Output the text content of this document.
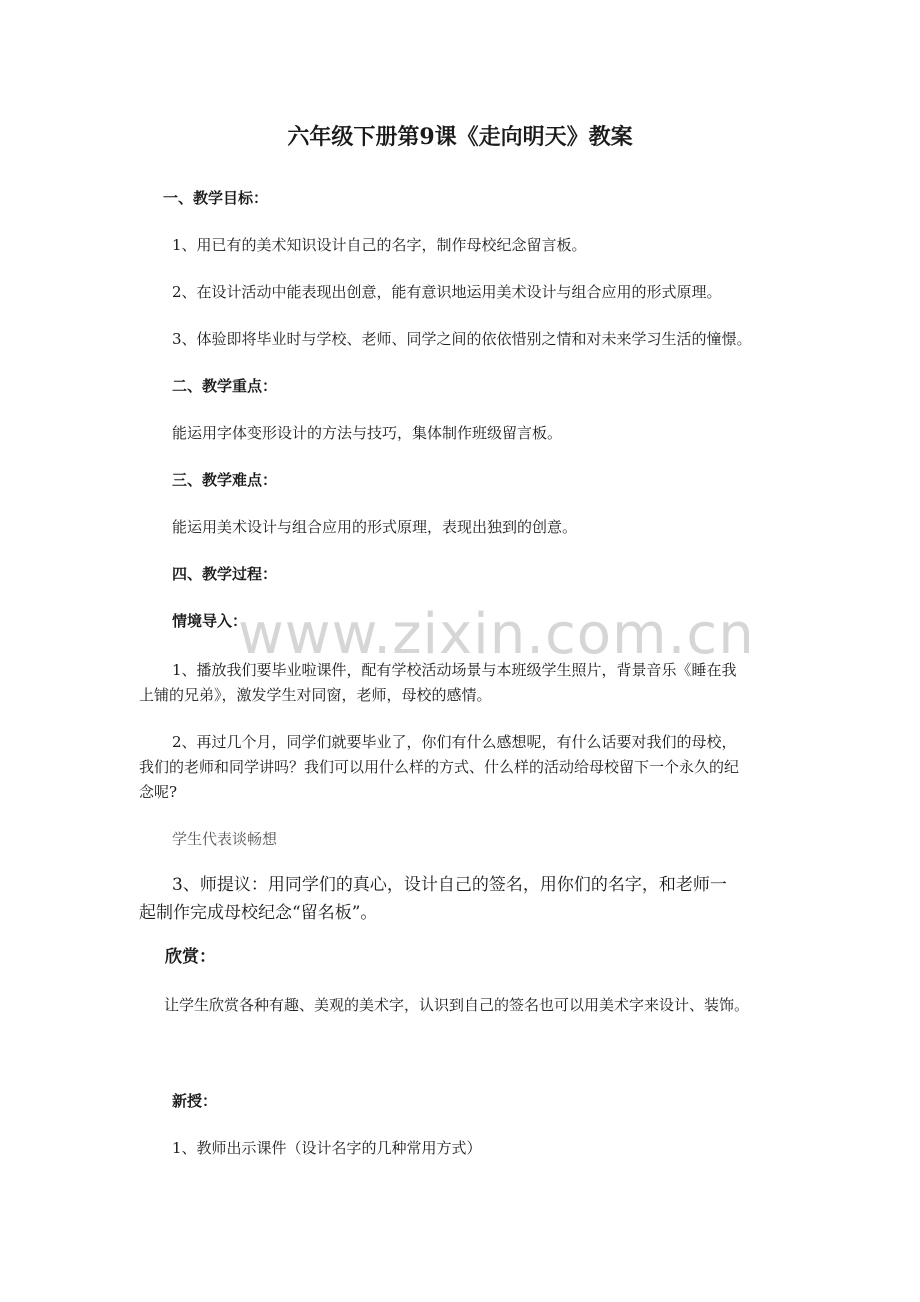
六年级下册第9课《走向明天》教案
一、教学目标：
1、用已有的美术知识设计自己的名字，制作母校纪念留言板。
2、在设计活动中能表现出创意，能有意识地运用美术设计与组合应用的形式原理。
3、体验即将毕业时与学校、老师、同学之间的依依惜别之情和对未来学习生活的憧憬。
二、教学重点：
能运用字体变形设计的方法与技巧，集体制作班级留言板。
三、教学难点：
能运用美术设计与组合应用的形式原理，表现出独到的创意。
四、教学过程：
www.zixin.com.cn
情境导入：
1、播放我们要毕业啦课件，配有学校活动场景与本班级学生照片，背景音乐《睡在我
上铺的兄弟》，激发学生对同窗，老师，母校的感情。
2、再过几个月，同学们就要毕业了，你们有什么感想呢，有什么话要对我们的母校，
我们的老师和同学讲吗？我们可以用什么样的方式、什么样的活动给母校留下一个永久的纪
念呢?
学生代表谈畅想
3、师提议：用同学们的真心，设计自己的签名，用你们的名字，和老师一
起制作完成母校纪念“留名板”。
欣赏：
让学生欣赏各种有趣、美观的美术字，认识到自己的签名也可以用美术字来设计、装饰。
新授：
1、教师出示课件（设计名字的几种常用方式）
